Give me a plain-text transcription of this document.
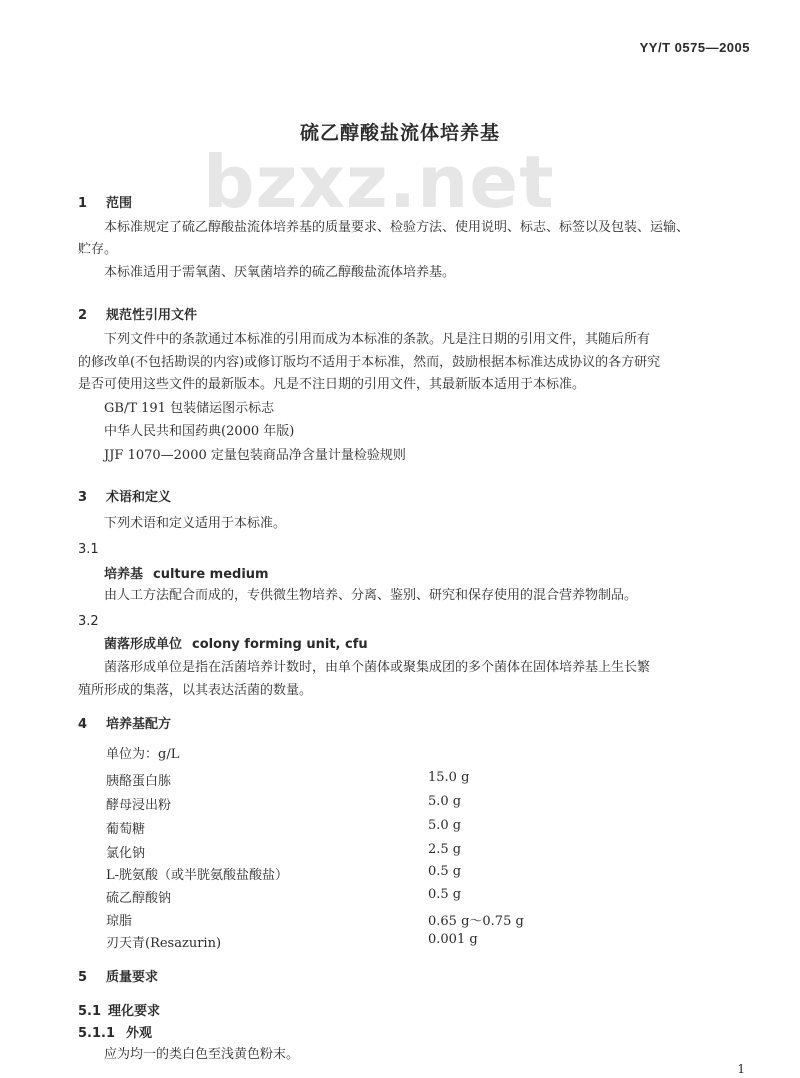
YY/T 0575—2005
bzxz.net
硫乙醇酸盐流体培养基
1 范围
本标准规定了硫乙醇酸盐流体培养基的质量要求、检验方法、使用说明、标志、标签以及包装、运输、
贮存。
本标准适用于需氧菌、厌氧菌培养的硫乙醇酸盐流体培养基。
2 规范性引用文件
下列文件中的条款通过本标准的引用而成为本标准的条款。凡是注日期的引用文件，其随后所有
的修改单(不包括勘误的内容)或修订版均不适用于本标准，然而，鼓励根据本标准达成协议的各方研究
是否可使用这些文件的最新版本。凡是不注日期的引用文件，其最新版本适用于本标准。
GB/T 191 包装储运图示标志
中华人民共和国药典(2000 年版)
JJF 1070—2000 定量包装商品净含量计量检验规则
3 术语和定义
下列术语和定义适用于本标准。
3.1
培养基 culture medium
由人工方法配合而成的，专供微生物培养、分离、鉴别、研究和保存使用的混合营养物制品。
3.2
菌落形成单位 colony forming unit, cfu
菌落形成单位是指在活菌培养计数时，由单个菌体或聚集成团的多个菌体在固体培养基上生长繁
殖所形成的集落，以其表达活菌的数量。
4 培养基配方
单位为：g/L
胰酪蛋白胨	15.0 g
酵母浸出粉	5.0 g
葡萄糖	5.0 g
氯化钠	2.5 g
L-胱氨酸（或半胱氨酸盐酸盐）	0.5 g
硫乙醇酸钠	0.5 g
琼脂	0.65 g～0.75 g
刃天青(Resazurin)	0.001 g
5 质量要求
5.1 理化要求
5.1.1 外观
应为均一的类白色至浅黄色粉末。
1
